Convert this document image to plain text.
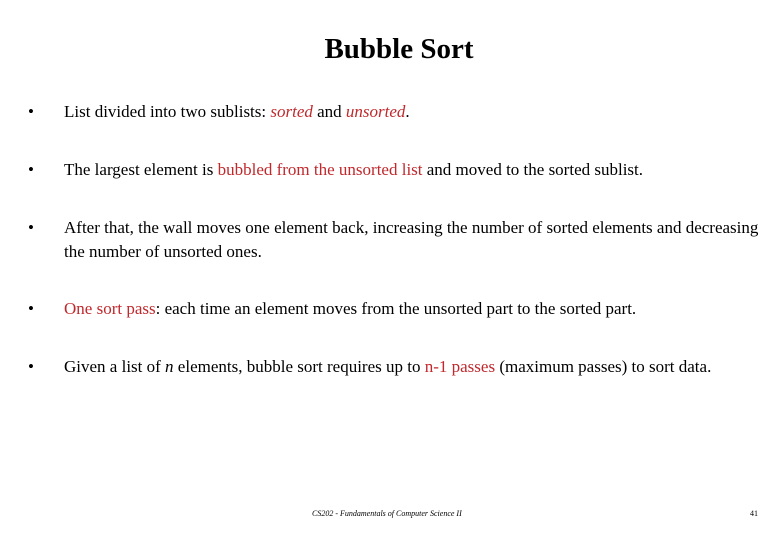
Bubble Sort
•	List divided into two sublists: sorted and unsorted.
•	The largest element is bubbled from the unsorted list and moved to the sorted sublist.
•	After that, the wall moves one element back, increasing the number of sorted elements and decreasing the number of unsorted ones.
•	One sort pass: each time an element moves from the unsorted part to the sorted part.
•	Given a list of n elements, bubble sort requires up to n-1 passes (maximum passes) to sort data.
CS202 - Fundamentals of Computer Science II	41
